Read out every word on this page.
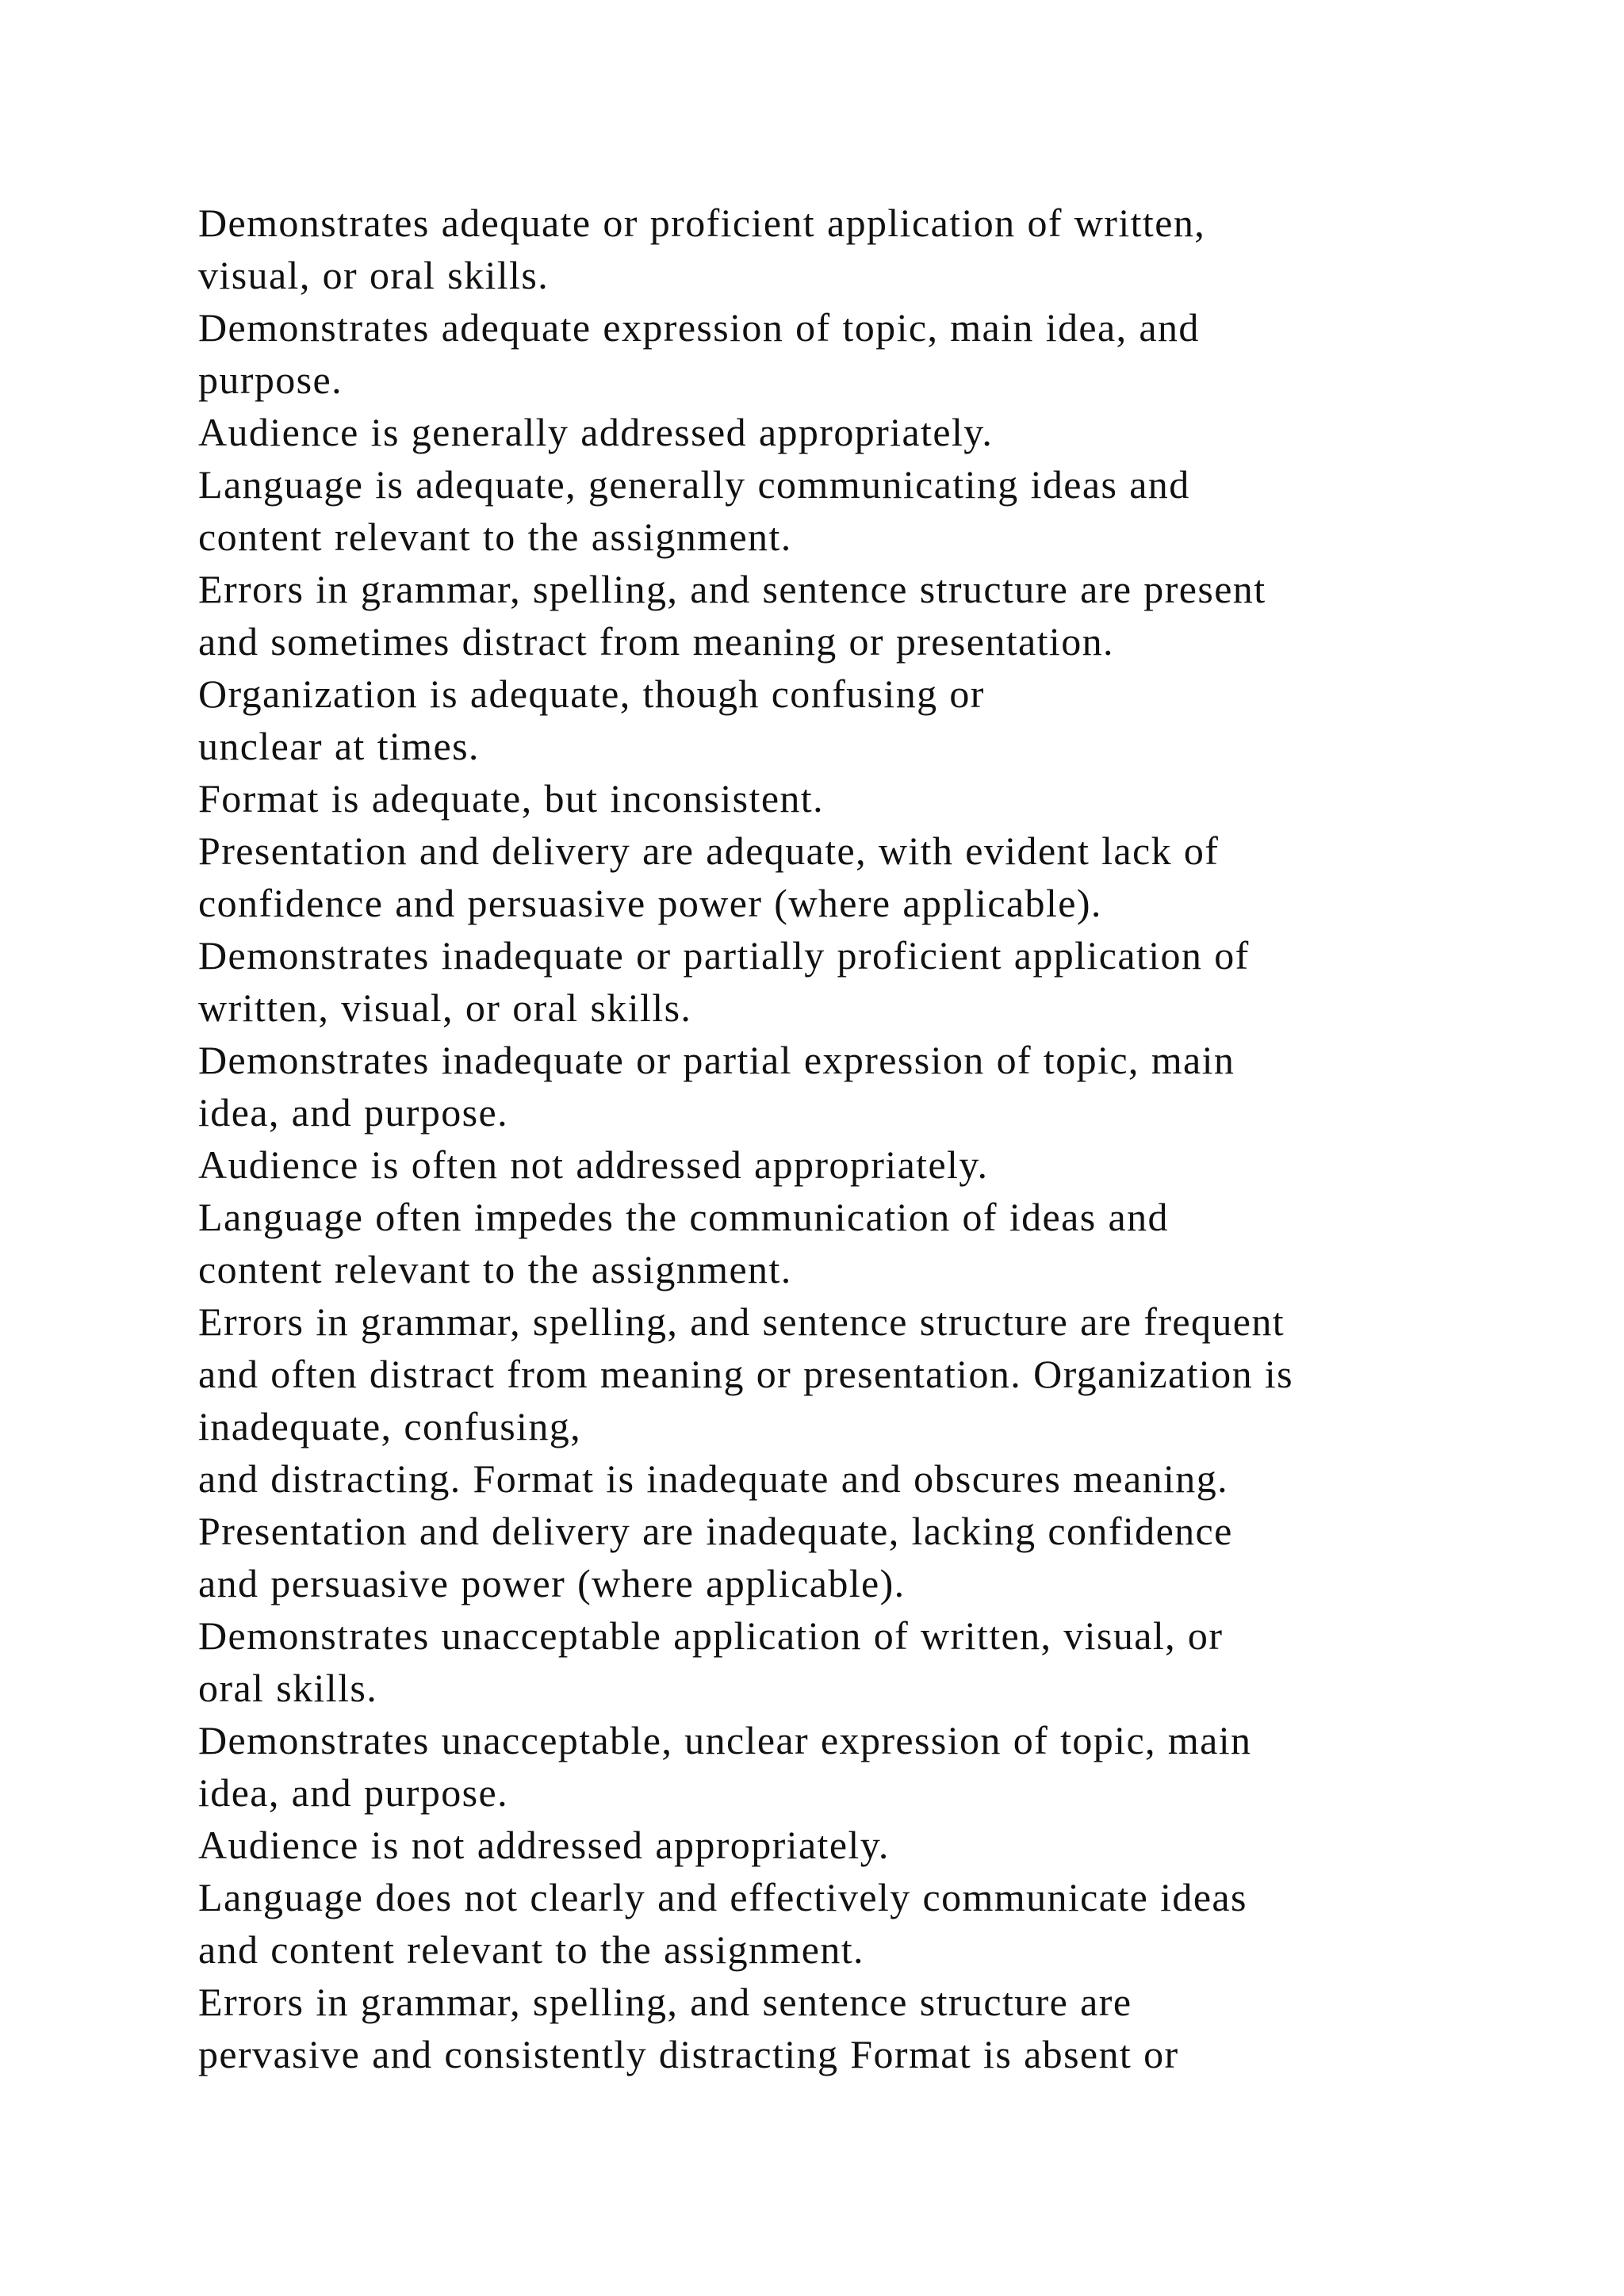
Demonstrates adequate or proficient application of written,
visual, or oral skills.
Demonstrates adequate expression of topic, main idea, and
purpose.
Audience is generally addressed appropriately.
Language is adequate, generally communicating ideas and
content relevant to the assignment.
Errors in grammar, spelling, and sentence structure are present
and sometimes distract from meaning or presentation.
Organization is adequate, though confusing or
unclear at times.
Format is adequate, but inconsistent.
Presentation and delivery are adequate, with evident lack of
confidence and persuasive power (where applicable).
Demonstrates inadequate or partially proficient application of
written, visual, or oral skills.
Demonstrates inadequate or partial expression of topic, main
idea, and purpose.
Audience is often not addressed appropriately.
Language often impedes the communication of ideas and
content relevant to the assignment.
Errors in grammar, spelling, and sentence structure are frequent
and often distract from meaning or presentation. Organization is
inadequate, confusing,
and distracting. Format is inadequate and obscures meaning.
Presentation and delivery are inadequate, lacking confidence
and persuasive power (where applicable).
Demonstrates unacceptable application of written, visual, or
oral skills.
Demonstrates unacceptable, unclear expression of topic, main
idea, and purpose.
Audience is not addressed appropriately.
Language does not clearly and effectively communicate ideas
and content relevant to the assignment.
Errors in grammar, spelling, and sentence structure are
pervasive and consistently distracting Format is absent or
